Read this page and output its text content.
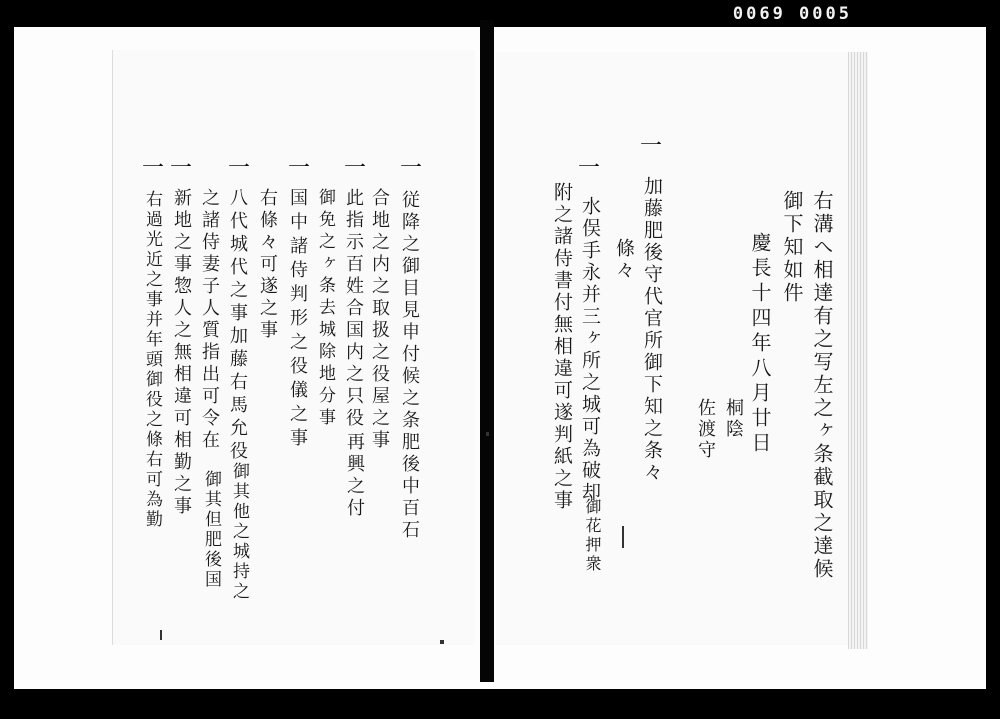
0069 0005
右溝へ相達有之写左之ヶ条截取之達候
御下知如件
慶長十四年八月廿日
桐陰
佐渡守
一
加藤肥後守代官所御下知之条々
條々
一
水俣手永并三ヶ所之城可為破却
附之諸侍書付無相違可遂判紙之事
御花押衆
一
従降之御目見申付候之条肥後中百石
合地之内之取扱之役屋之事
一
此指示百姓合国内之只役
再興之付
御免之ヶ条去城除地分事
一
国中諸侍判形之役儀之事
右條々可遂之事
一
八代城代之事加藤右馬允役
之諸侍妻子人質指出可令在
御其他之城持之
御其但肥後国
一
新地之事惣人之無相違可相勤之事
一
右過光近之事并年頭御役之條右可為勤
